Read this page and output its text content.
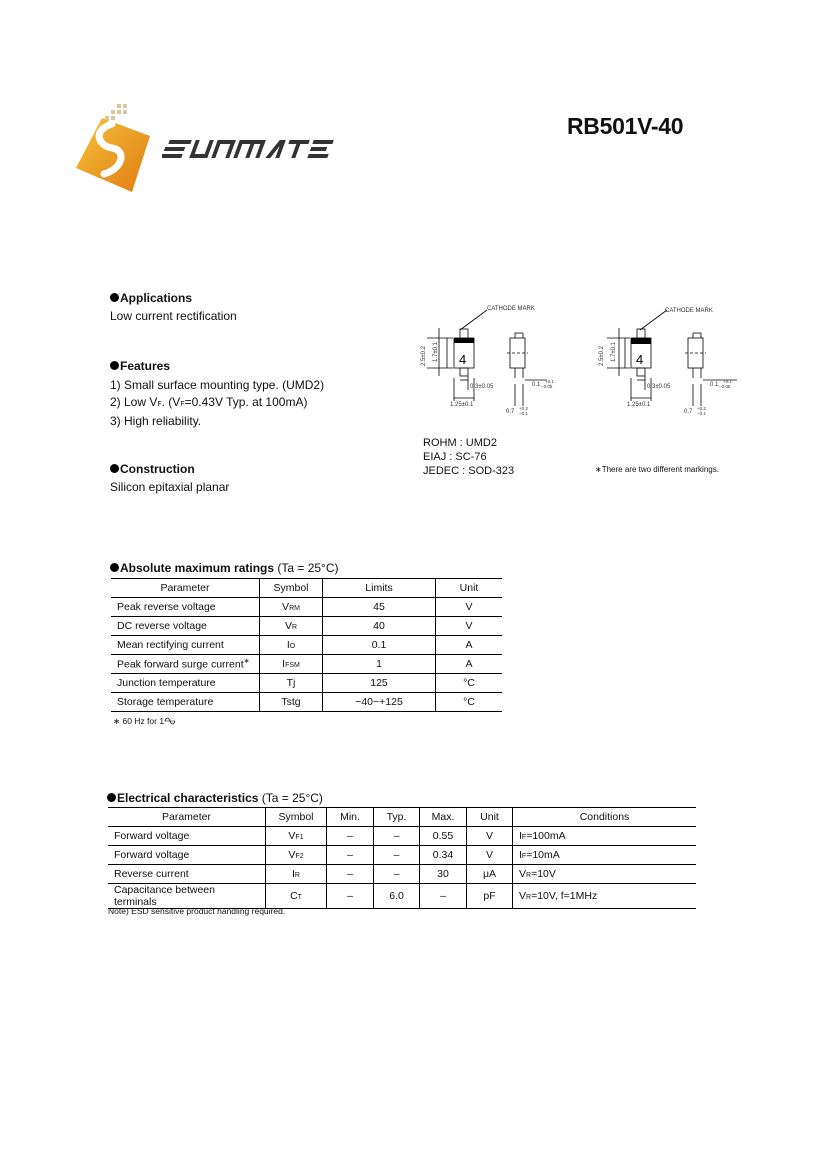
RB501V-40
Applications
Low current rectification
Features
1) Small surface mounting type. (UMD2)
2) Low VF. (VF=0.43V Typ. at 100mA)
3) High reliability.
Construction
Silicon epitaxial planar
CATHODE MARK	CATHODE MARK
2.5±0.2 1.7±0.1	2.5±0.2 1.7±0.1
0.3±0.05	0.3±0.05
1.25±0.1	1.25±0.1
0.1	0.1
0.7	0.7
+0.1
−0.05
+0.1
−0.05
+0.2
−0.1
+0.2
−0.1
4	4
ROHM : UMD2
EIAJ : SC-76
JEDEC : SOD-323	∗There are two different markings.
Absolute maximum ratings (Ta = 25°C)
Parameter	Symbol	Limits	Unit
Peak reverse voltage	VRM	45	V
DC reverse voltage	VR	40	V
Mean rectifying current	IO	0.1	A
Peak forward surge current∗	IFSM	1	A
Junction temperature	Tj	125	°C
Storage temperature	Tstg	−40~+125	°C
∗ 60 Hz for 1
Electrical characteristics (Ta = 25°C)
Parameter	Symbol	Min.	Typ.	Max.	Unit	Conditions
Forward voltage	VF1	–	–	0.55	V	IF=100mA
Forward voltage	VF2	–	–	0.34	V	IF=10mA
Reverse current	IR	–	–	30	μA	VR=10V
Capacitance between terminals	CT	–	6.0	–	pF	VR=10V, f=1MHz
Note) ESD sensitive product handling required.
